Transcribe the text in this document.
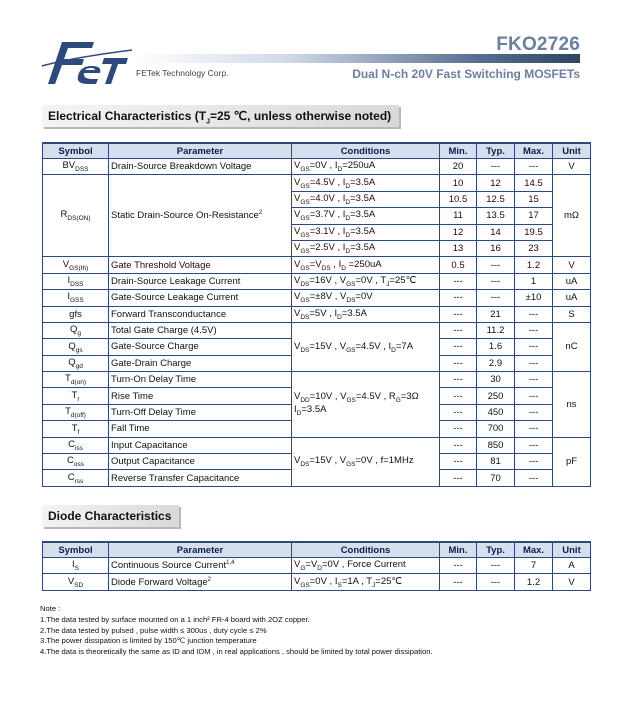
FETek Technology Corp.
FKO2726
Dual N-ch 20V Fast Switching MOSFETs
Electrical Characteristics ($T_J=25$ ℃, unless otherwise noted)
Symbol	Parameter	Conditions	Min.	Typ.	Max.	Unit
$BV_{DSS}$	Drain-Source Breakdown Voltage	$V_{GS}=0V$ , $I_D=250uA$	20	---	---	V
$R_{DS(ON)}$	Static Drain-Source On-Resistance$^2$	$V_{GS}=4.5V$ , $I_D=3.5A$	10	12	14.5	mΩ
		$V_{GS}=4.0V$ , $I_D=3.5A$	10.5	12.5	15	
		$V_{GS}=3.7V$ , $I_D=3.5A$	11	13.5	17	
		$V_{GS}=3.1V$ , $I_D=3.5A$	12	14	19.5	
		$V_{GS}=2.5V$ , $I_D=3.5A$	13	16	23	
$V_{GS(th)}$	Gate Threshold Voltage	$V_{GS}=V_{DS}$ , $I_D =250uA$	0.5	---	1.2	V
$I_{DSS}$	Drain-Source Leakage Current	$V_{DS}=16V$ , $V_{GS}=0V$ , $T_J=25℃$	---	---	1	uA
$I_{GSS}$	Gate-Source Leakage Current	$V_{GS}=\pm 8V$ , $V_{DS}=0V$	---	---	±10	uA
gfs	Forward Transconductance	$V_{DS}=5V$ , $I_D=3.5A$	---	21	---	S
$Q_g$	Total Gate Charge (4.5V)	$V_{DS}=15V$ , $V_{GS}=4.5V$ , $I_D=7A$	---	11.2	---	nC
$Q_{gs}$	Gate-Source Charge		---	1.6	---	
$Q_{gd}$	Gate-Drain Charge		---	2.9	---	
$T_{d(on)}$	Turn-On Delay Time	$V_{DD}=10V$ , $V_{GS}=4.5V$ , $R_G=3\Omega$
$I_D=3.5A$	---	30	---	ns
$T_r$	Rise Time		---	250	---	
$T_{d(off)}$	Turn-Off Delay Time		---	450	---	
$T_f$	Fall Time		---	700	---	
$C_{iss}$	Input Capacitance	$V_{DS}=15V$ , $V_{GS}=0V$ , f=1MHz	---	850	---	pF
$C_{oss}$	Output Capacitance		---	81	---	
$C_{rss}$	Reverse Transfer Capacitance		---	70	---	
Diode Characteristics
Symbol	Parameter	Conditions	Min.	Typ.	Max.	Unit
$I_S$	Continuous Source Current$^{1,4}$	$V_G=V_D=0V$ , Force Current	---	---	7	A
$V_{SD}$	Diode Forward Voltage$^2$	$V_{GS}=0V$ , $I_S=1A$ , $T_J=25℃$	---	---	1.2	V
Note :
1.The data tested by surface mounted on a 1 inch² FR-4 board with 2OZ copper.
2.The data tested by pulsed , pulse width ≤ 300us , duty cycle ≤ 2%
3.The power dissipation is limited by 150℃ junction temperature
4.The data is theoretically the same as ID and IDM , in real applications , should be limited by total power dissipation.
